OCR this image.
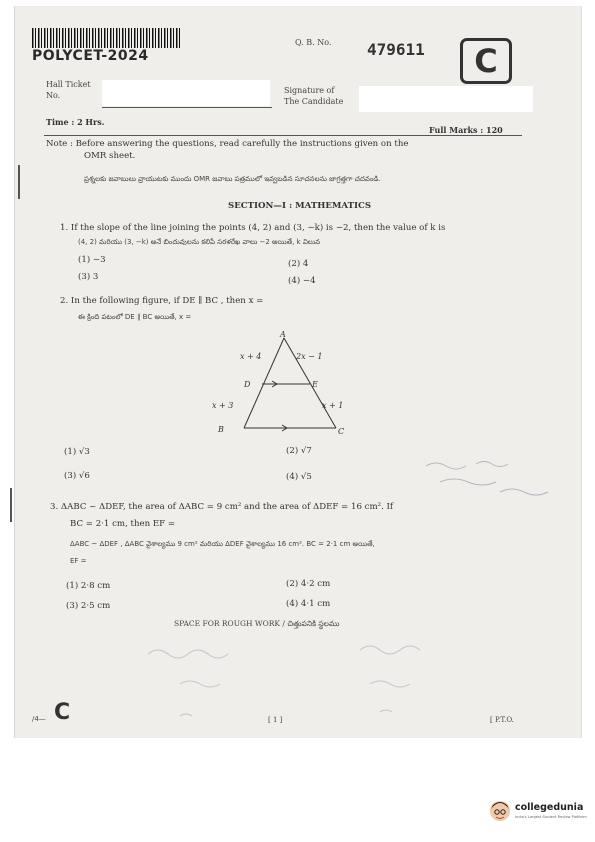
POLYCET-2024
Q. B. No. 479611	C
Hall Ticket
No.
Signature of
The Candidate
Time : 2 Hrs.
Full Marks : 120
Note : Before answering the questions, read carefully the instructions given on the
OMR sheet.
ప్రశ్నలకు జవాబులు వ్రాయుటకు ముందు OMR జవాబు పత్రములో ఇవ్వబడిన సూచనలను జాగ్రత్తగా చదవండి.
SECTION—I : MATHEMATICS
1. If the slope of the line joining the points (4, 2) and (3, −k) is −2, then the value of k is
(4, 2) మరియు (3, −k) అనే బిందువులను కలిపే సరళరేఖ వాలు −2 అయితే, k విలువ
(1) −3	(2) 4
(3) 3	(4) −4
2. In the following figure, if DE ∥ BC , then x =
ఈ క్రింది పటంలో DE ∥ BC అయితే, x =
A
D	E
B	C
x + 4	2x − 1
x + 3	x + 1
(1) √3	(2) √7
(3) √6	(4) √5
3. ΔABC ~ ΔDEF, the area of ΔABC = 9 cm² and the area of ΔDEF = 16 cm². If
BC = 2·1 cm, then EF =
ΔABC ~ ΔDEF , ΔABC వైశాల్యము 9 cm² మరియు ΔDEF వైశాల్యము 16 cm². BC = 2·1 cm అయితే,
EF =
(1) 2·8 cm	(2) 4·2 cm
(3) 2·5 cm	(4) 4·1 cm
SPACE FOR ROUGH WORK / చిత్తుపనికి స్థలము
/4— C	[ 1 ]	[ P.T.O.
collegedunia
India's Largest Student Review Platform
